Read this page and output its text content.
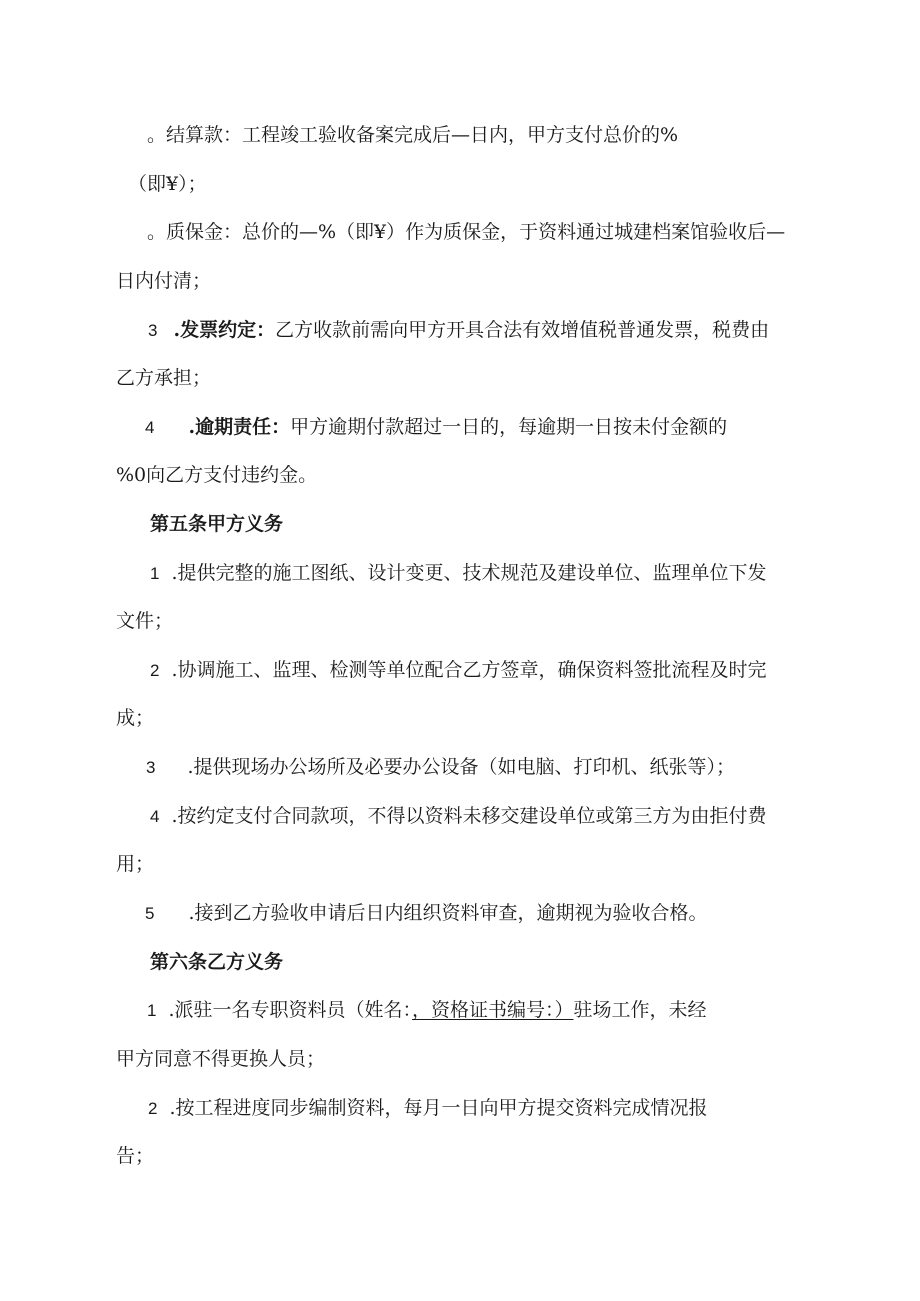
。结算款：工程竣工验收备案完成后—日内，甲方支付总价的%
（即¥）；
。质保金：总价的—%（即¥）作为质保金，于资料通过城建档案馆验收后—
日内付清；
3 .发票约定：乙方收款前需向甲方开具合法有效增值税普通发票，税费由
乙方承担；
4 .逾期责任：甲方逾期付款超过一日的，每逾期一日按未付金额的
%0向乙方支付违约金。
第五条甲方义务
1 .提供完整的施工图纸、设计变更、技术规范及建设单位、监理单位下发
文件；
2 .协调施工、监理、检测等单位配合乙方签章，确保资料签批流程及时完
成；
3 .提供现场办公场所及必要办公设备（如电脑、打印机、纸张等）；
4 .按约定支付合同款项，不得以资料未移交建设单位或第三方为由拒付费
用；
5 .接到乙方验收申请后日内组织资料审查，逾期视为验收合格。
第六条乙方义务
1 .派驻一名专职资料员（姓名：，资格证书编号：）驻场工作，未经
甲方同意不得更换人员；
2 .按工程进度同步编制资料，每月一日向甲方提交资料完成情况报
告；
